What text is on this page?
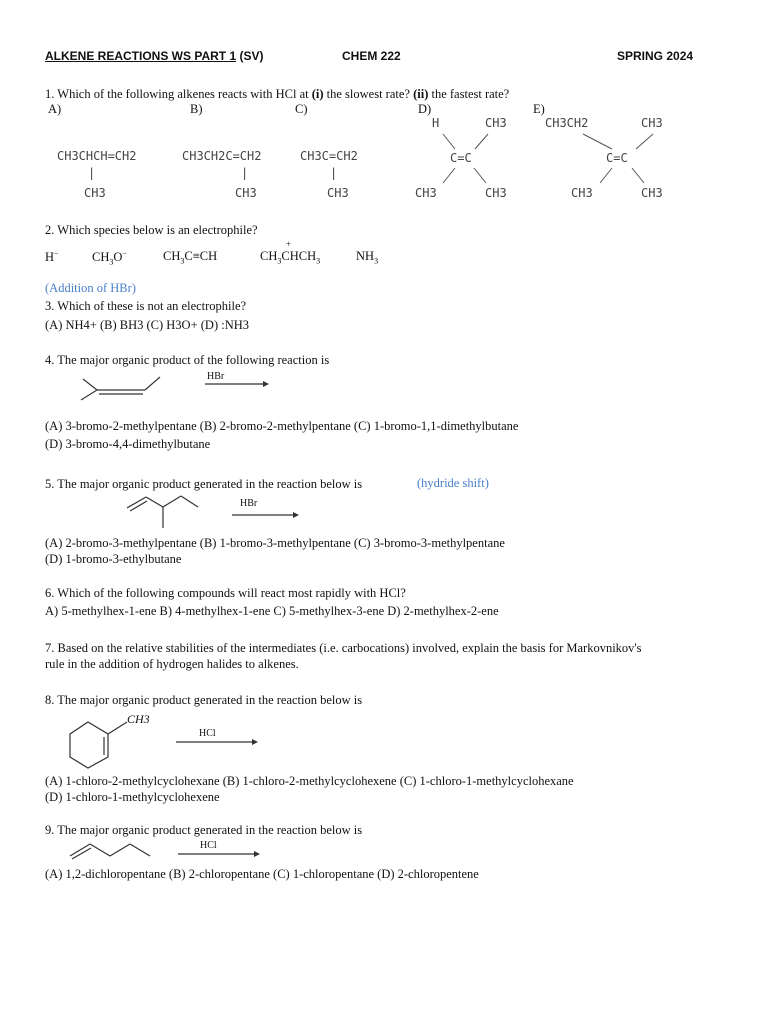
ALKENE REACTIONS WS PART 1 (SV)	CHEM 222	SPRING 2024
1. Which of the following alkenes reacts with HCl at (i) the slowest rate? (ii) the fastest rate?
A)	B)	C)	D)	E)
CH3CHCH=CH2
|
CH3
CH3CH2C=CH2
|
CH3
CH3C=CH2
|
CH3
H	CH3
C=C
CH3	CH3
CH3CH2	CH3
C=C
CH3	CH3
2. Which species below is an electrophile?
H−	$CH_3O^-$	$CH_3C\equiv CH$
+
$CH_3CHCH_3$	$NH_3$
(Addition of HBr)
3. Which of these is not an electrophile?
(A) NH4+ (B) BH3 (C) H3O+ (D) :NH3
4. The major organic product of the following reaction is
HBr
(A) 3-bromo-2-methylpentane (B) 2-bromo-2-methylpentane (C) 1-bromo-1,1-dimethylbutane
(D) 3-bromo-4,4-dimethylbutane
5. The major organic product generated in the reaction below is	(hydride shift)
HBr
(A) 2-bromo-3-methylpentane (B) 1-bromo-3-methylpentane (C) 3-bromo-3-methylpentane
(D) 1-bromo-3-ethylbutane
6. Which of the following compounds will react most rapidly with HCl?
A) 5-methylhex-1-ene B) 4-methylhex-1-ene C) 5-methylhex-3-ene D) 2-methylhex-2-ene
7. Based on the relative stabilities of the intermediates (i.e. carbocations) involved, explain the basis for Markovnikov's
rule in the addition of hydrogen halides to alkenes.
8. The major organic product generated in the reaction below is
CH3
HCl
(A) 1-chloro-2-methylcyclohexane (B) 1-chloro-2-methylcyclohexene (C) 1-chloro-1-methylcyclohexane
(D) 1-chloro-1-methylcyclohexene
9. The major organic product generated in the reaction below is
HCl
(A) 1,2-dichloropentane (B) 2-chloropentane (C) 1-chloropentane (D) 2-chloropentene
